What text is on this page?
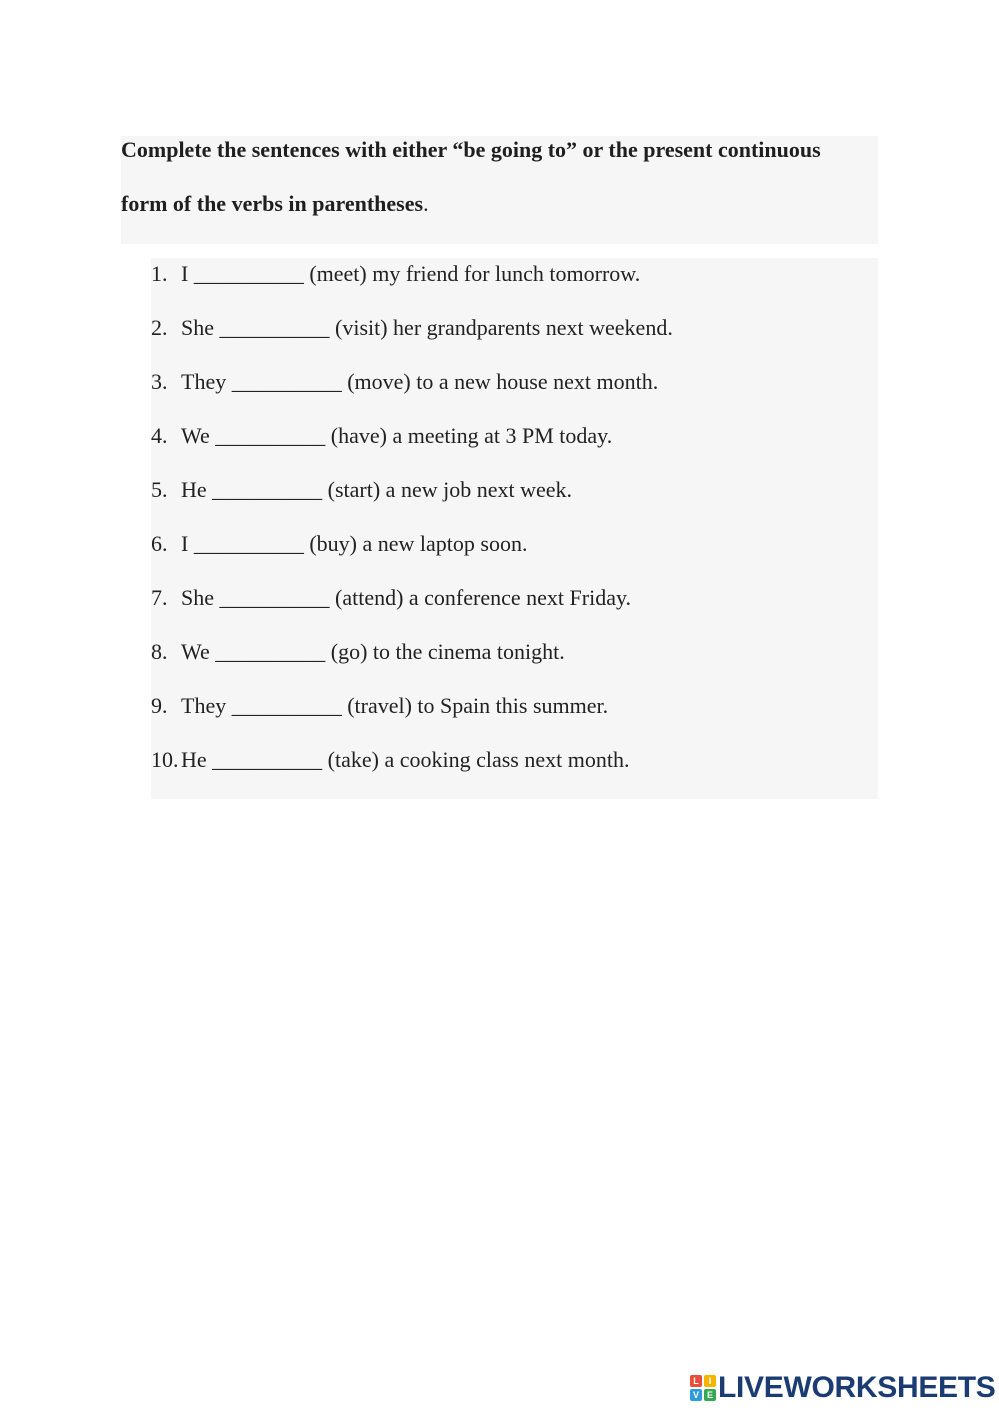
Complete the sentences with either “be going to” or the present continuous
form of the verbs in parentheses.
1. I __________ (meet) my friend for lunch tomorrow.
2. She __________ (visit) her grandparents next weekend.
3. They __________ (move) to a new house next month.
4. We __________ (have) a meeting at 3 PM today.
5. He __________ (start) a new job next week.
6. I __________ (buy) a new laptop soon.
7. She __________ (attend) a conference next Friday.
8. We __________ (go) to the cinema tonight.
9. They __________ (travel) to Spain this summer.
10. He __________ (take) a cooking class next month.
L	I
V E LIVEWORKSHEETS
